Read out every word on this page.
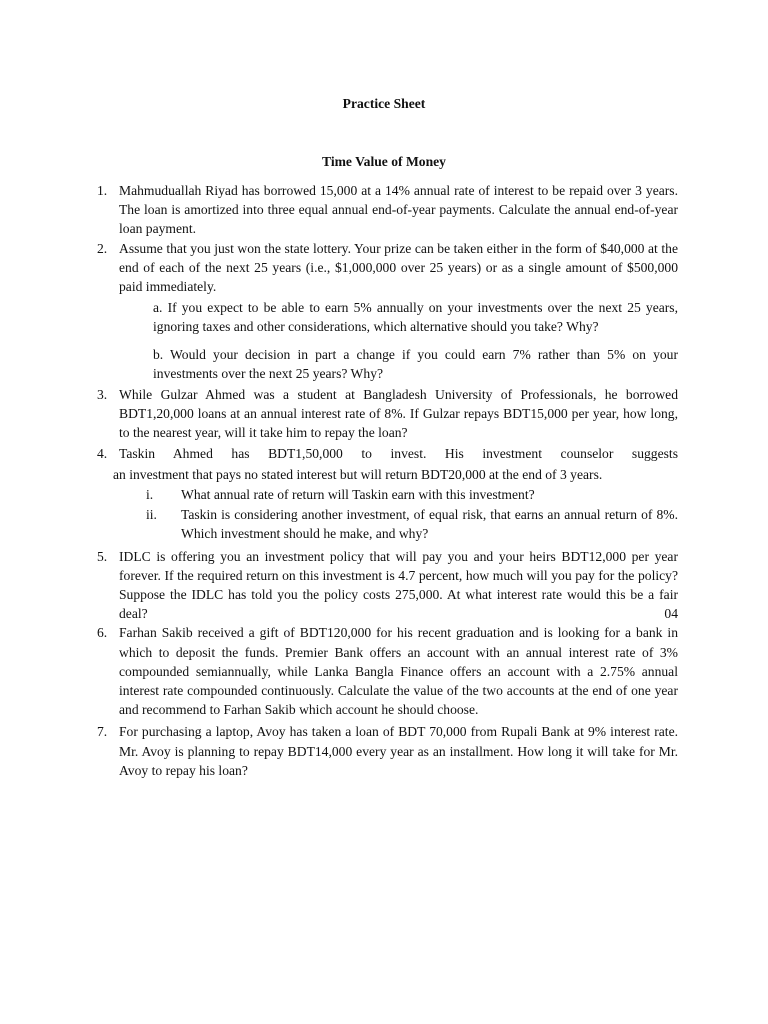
Practice Sheet
Time Value of Money
1. Mahmuduallah Riyad has borrowed 15,000 at a 14% annual rate of interest to be repaid over 3 years. The loan is amortized into three equal annual end-of-year payments. Calculate the annual end-of-year loan payment.
2. Assume that you just won the state lottery. Your prize can be taken either in the form of $40,000 at the end of each of the next 25 years (i.e., $1,000,000 over 25 years) or as a single amount of $500,000 paid immediately.
a. If you expect to be able to earn 5% annually on your investments over the next 25 years, ignoring taxes and other considerations, which alternative should you take? Why?
b. Would your decision in part a change if you could earn 7% rather than 5% on your investments over the next 25 years? Why?
3. While Gulzar Ahmed was a student at Bangladesh University of Professionals, he borrowed BDT1,20,000 loans at an annual interest rate of 8%. If Gulzar repays BDT15,000 per year, how long, to the nearest year, will it take him to repay the loan?
4. Taskin Ahmed has BDT1,50,000 to invest. His investment counselor suggests
an investment that pays no stated interest but will return BDT20,000 at the end of 3 years.
i. What annual rate of return will Taskin earn with this investment?
ii. Taskin is considering another investment, of equal risk, that earns an annual return of 8%. Which investment should he make, and why?
5. IDLC is offering you an investment policy that will pay you and your heirs BDT12,000 per year forever. If the required return on this investment is 4.7 percent, how much will you pay for the policy? Suppose the IDLC has told you the policy costs 275,000. At what interest rate would this be a fair deal?	04
6. Farhan Sakib received a gift of BDT120,000 for his recent graduation and is looking for a bank in which to deposit the funds. Premier Bank offers an account with an annual interest rate of 3% compounded semiannually, while Lanka Bangla Finance offers an account with a 2.75% annual interest rate compounded continuously. Calculate the value of the two accounts at the end of one year and recommend to Farhan Sakib which account he should choose.
7. For purchasing a laptop, Avoy has taken a loan of BDT 70,000 from Rupali Bank at 9% interest rate. Mr. Avoy is planning to repay BDT14,000 every year as an installment. How long it will take for Mr. Avoy to repay his loan?
